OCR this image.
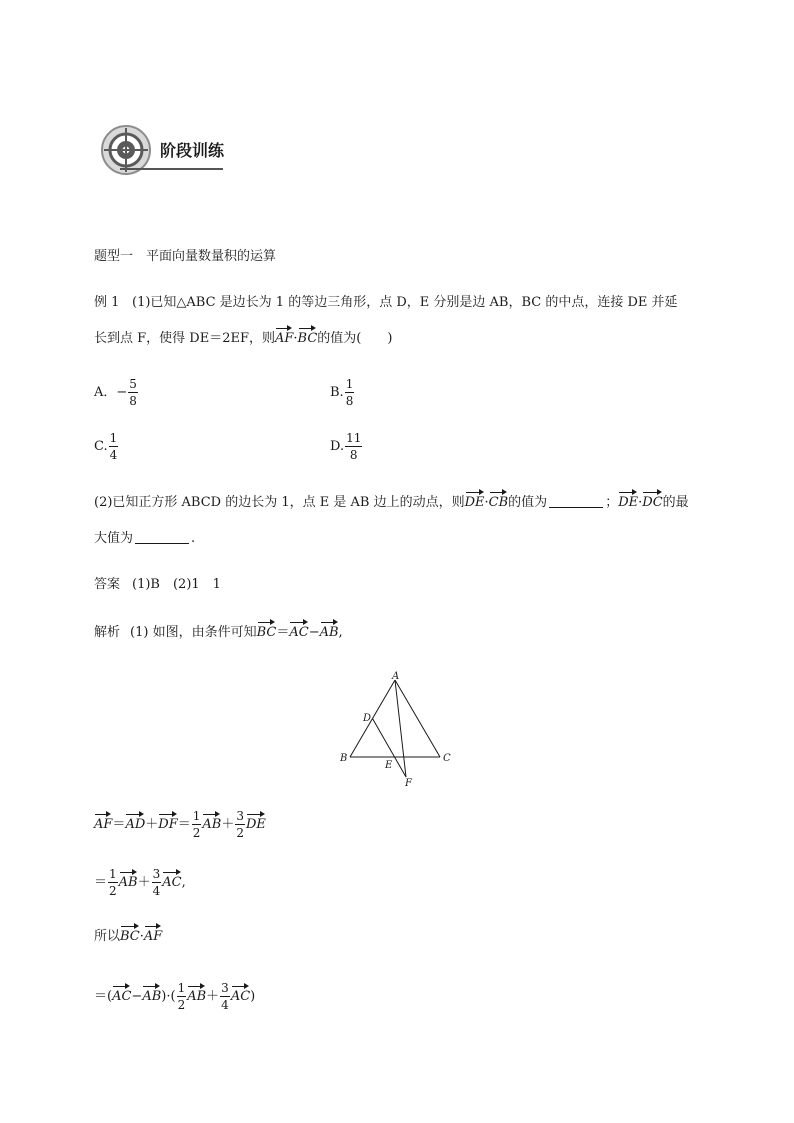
阶段训练
题型一　平面向量数量积的运算
例 1 (1)已知△ABC 是边长为 1 的等边三角形，点 D，E 分别是边 AB，BC 的中点，连接 DE 并延
长到点 F，使得 DE＝2EF，则AF·BC的值为(　　)
A．− $\frac{5}{8}$	B. $\frac{1}{8}$
C. $\frac{1}{4}$	D. $\frac{11}{8}$
(2)已知正方形 ABCD 的边长为 1，点 E 是 AB 边上的动点，则DE·CB的值为	；DE·DC的最
大值为	.
答案 (1)B　(2)1　1
解析 (1) 如图，由条件可知BC＝AC−AB,
A
B	C
D
E
F
$AF=AD+DF= \frac{1}{2} AB+ \frac{3}{2}$ DE
＝ $\frac{1}{2} AB+ \frac{3}{4}$ AC,
所以BC·AF
$=(AC-AB)\cdot( \frac{1}{2} AB+ \frac{3}{4} AC)$
